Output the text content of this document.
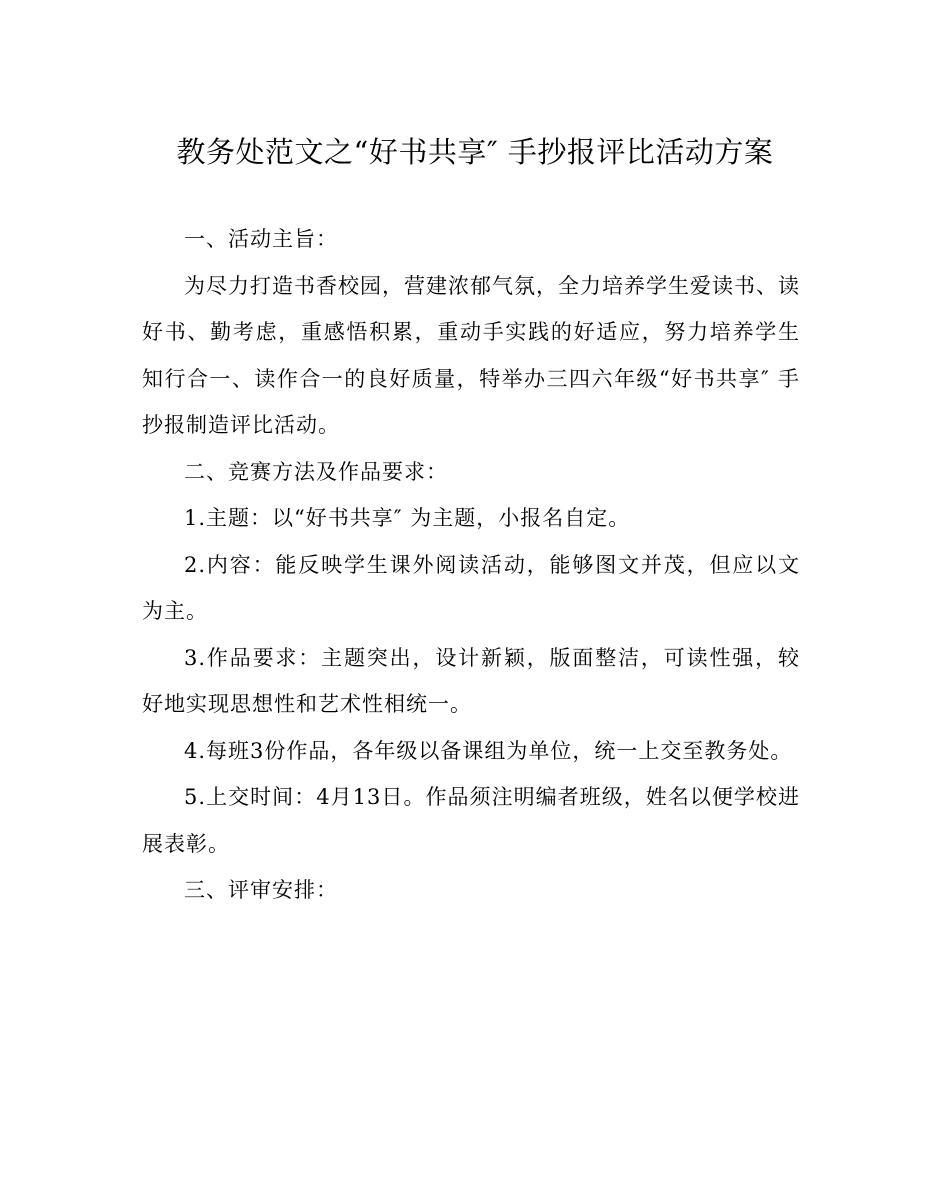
教务处范文之“好书共享″ 手抄报评比活动方案

一、活动主旨：

为尽力打造书香校园，营建浓郁气氛，全力培养学生爱读书、读好书、勤考虑，重感悟积累，重动手实践的好适应，努力培养学生知行合一、读作合一的良好质量，特举办三四六年级“好书共享″ 手抄报制造评比活动。

二、竞赛方法及作品要求：

1.主题：以“好书共享″ 为主题，小报名自定。

2.内容：能反映学生课外阅读活动，能够图文并茂，但应以文为主。

3.作品要求：主题突出，设计新颖，版面整洁，可读性强，较好地实现思想性和艺术性相统一。

4.每班3份作品，各年级以备课组为单位，统一上交至教务处。

5.上交时间：4月13日。作品须注明编者班级，姓名以便学校进展表彰。

三、评审安排：
